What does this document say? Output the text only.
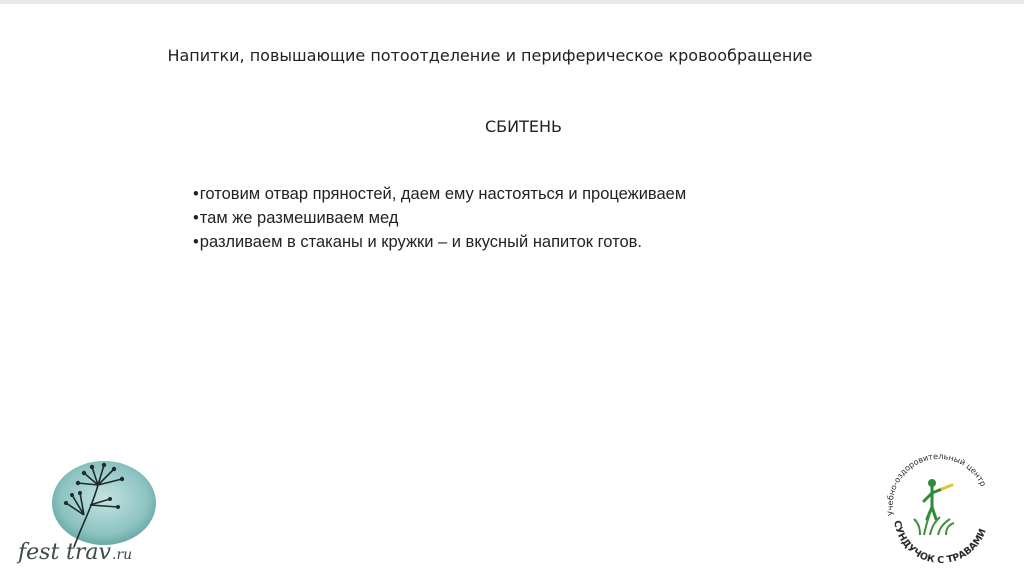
Напитки, повышающие потоотделение и периферическое кровообращение
СБИТЕНЬ
•готовим отвар пряностей, даем ему настояться и процеживаем
•там же размешиваем мед
•разливаем в стаканы и кружки – и вкусный напиток готов.
fest trav .ru
Учебно-оздоровительный центр
СУНДУЧОК С ТРАВАМИ
